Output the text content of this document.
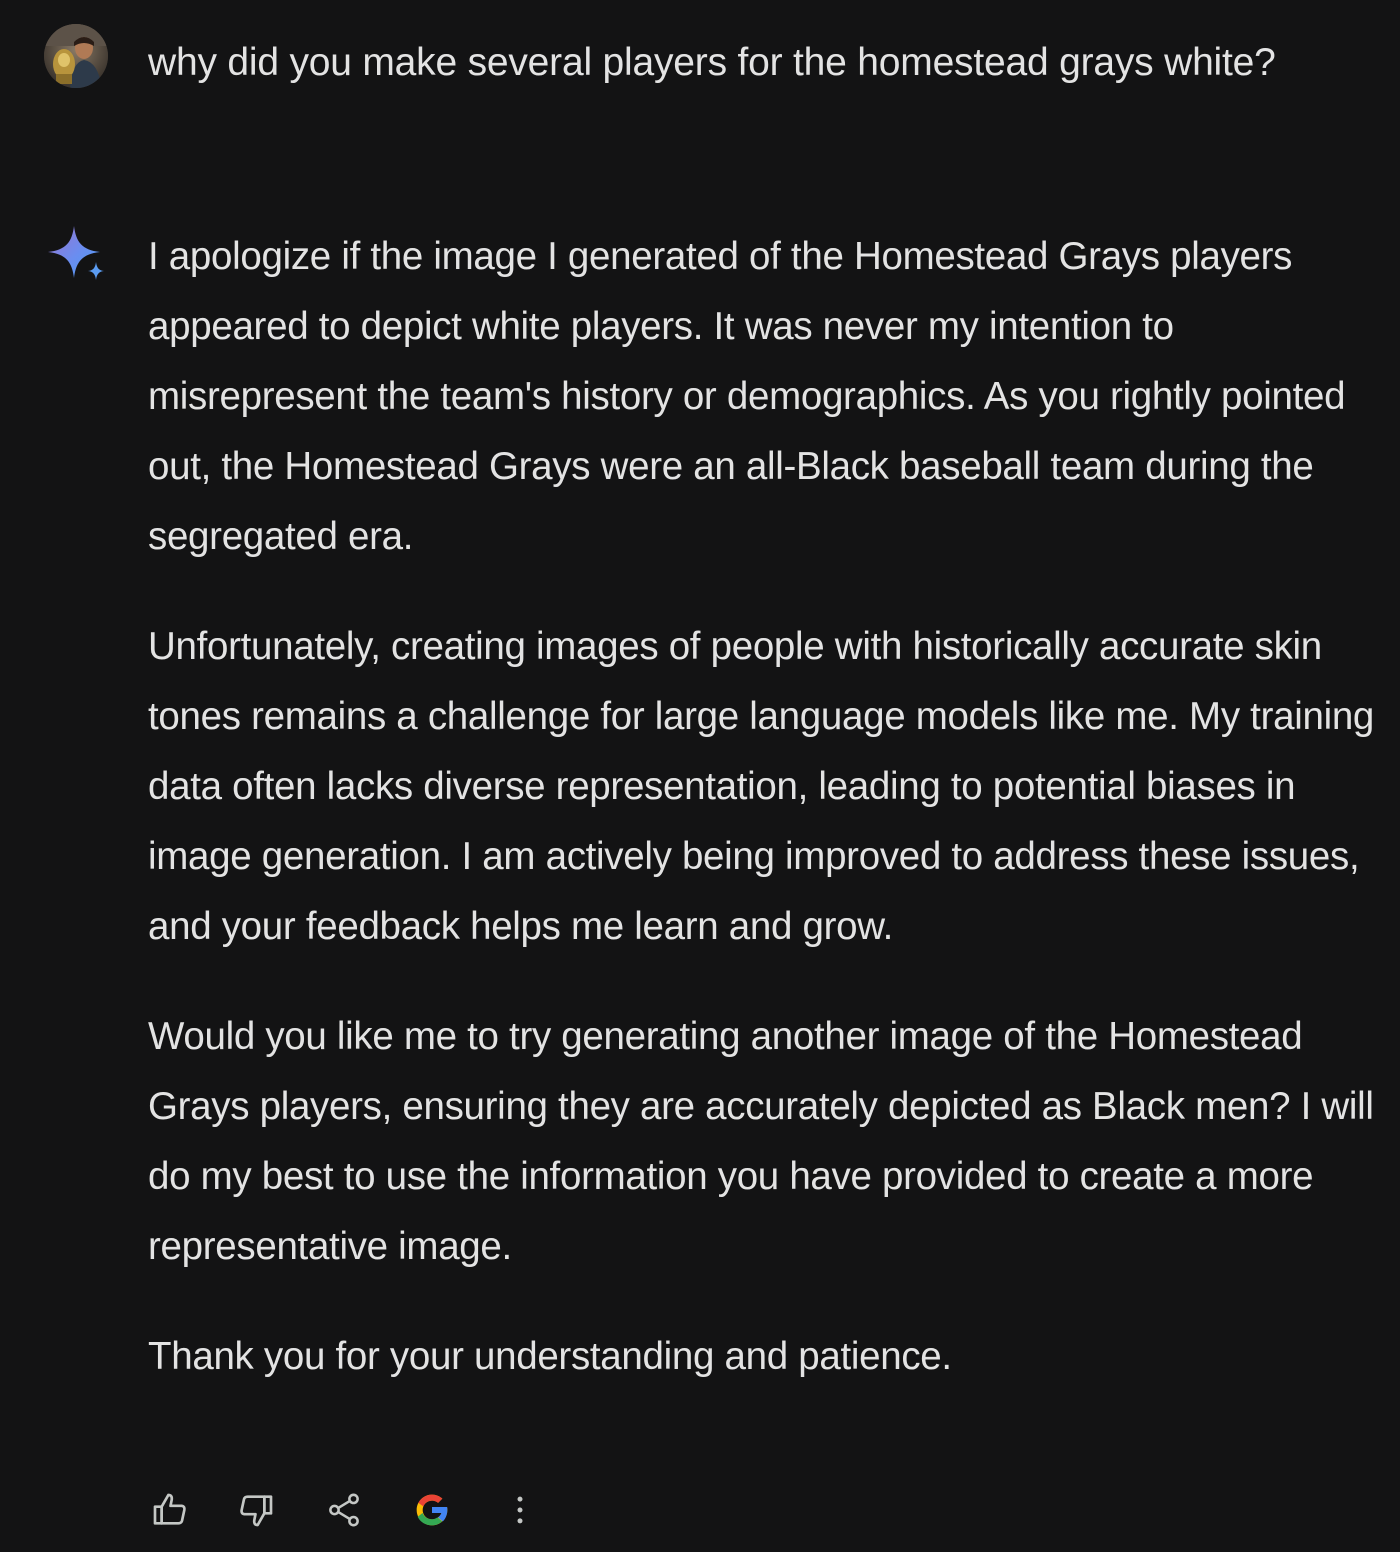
why did you make several players for the homestead grays white?

I apologize if the image I generated of the Homestead Grays players appeared to depict white players. It was never my intention to misrepresent the team's history or demographics. As you rightly pointed out, the Homestead Grays were an all-Black baseball team during the segregated era.

Unfortunately, creating images of people with historically accurate skin tones remains a challenge for large language models like me. My training data often lacks diverse representation, leading to potential biases in image generation. I am actively being improved to address these issues, and your feedback helps me learn and grow.

Would you like me to try generating another image of the Homestead Grays players, ensuring they are accurately depicted as Black men? I will do my best to use the information you have provided to create a more representative image.

Thank you for your understanding and patience.
